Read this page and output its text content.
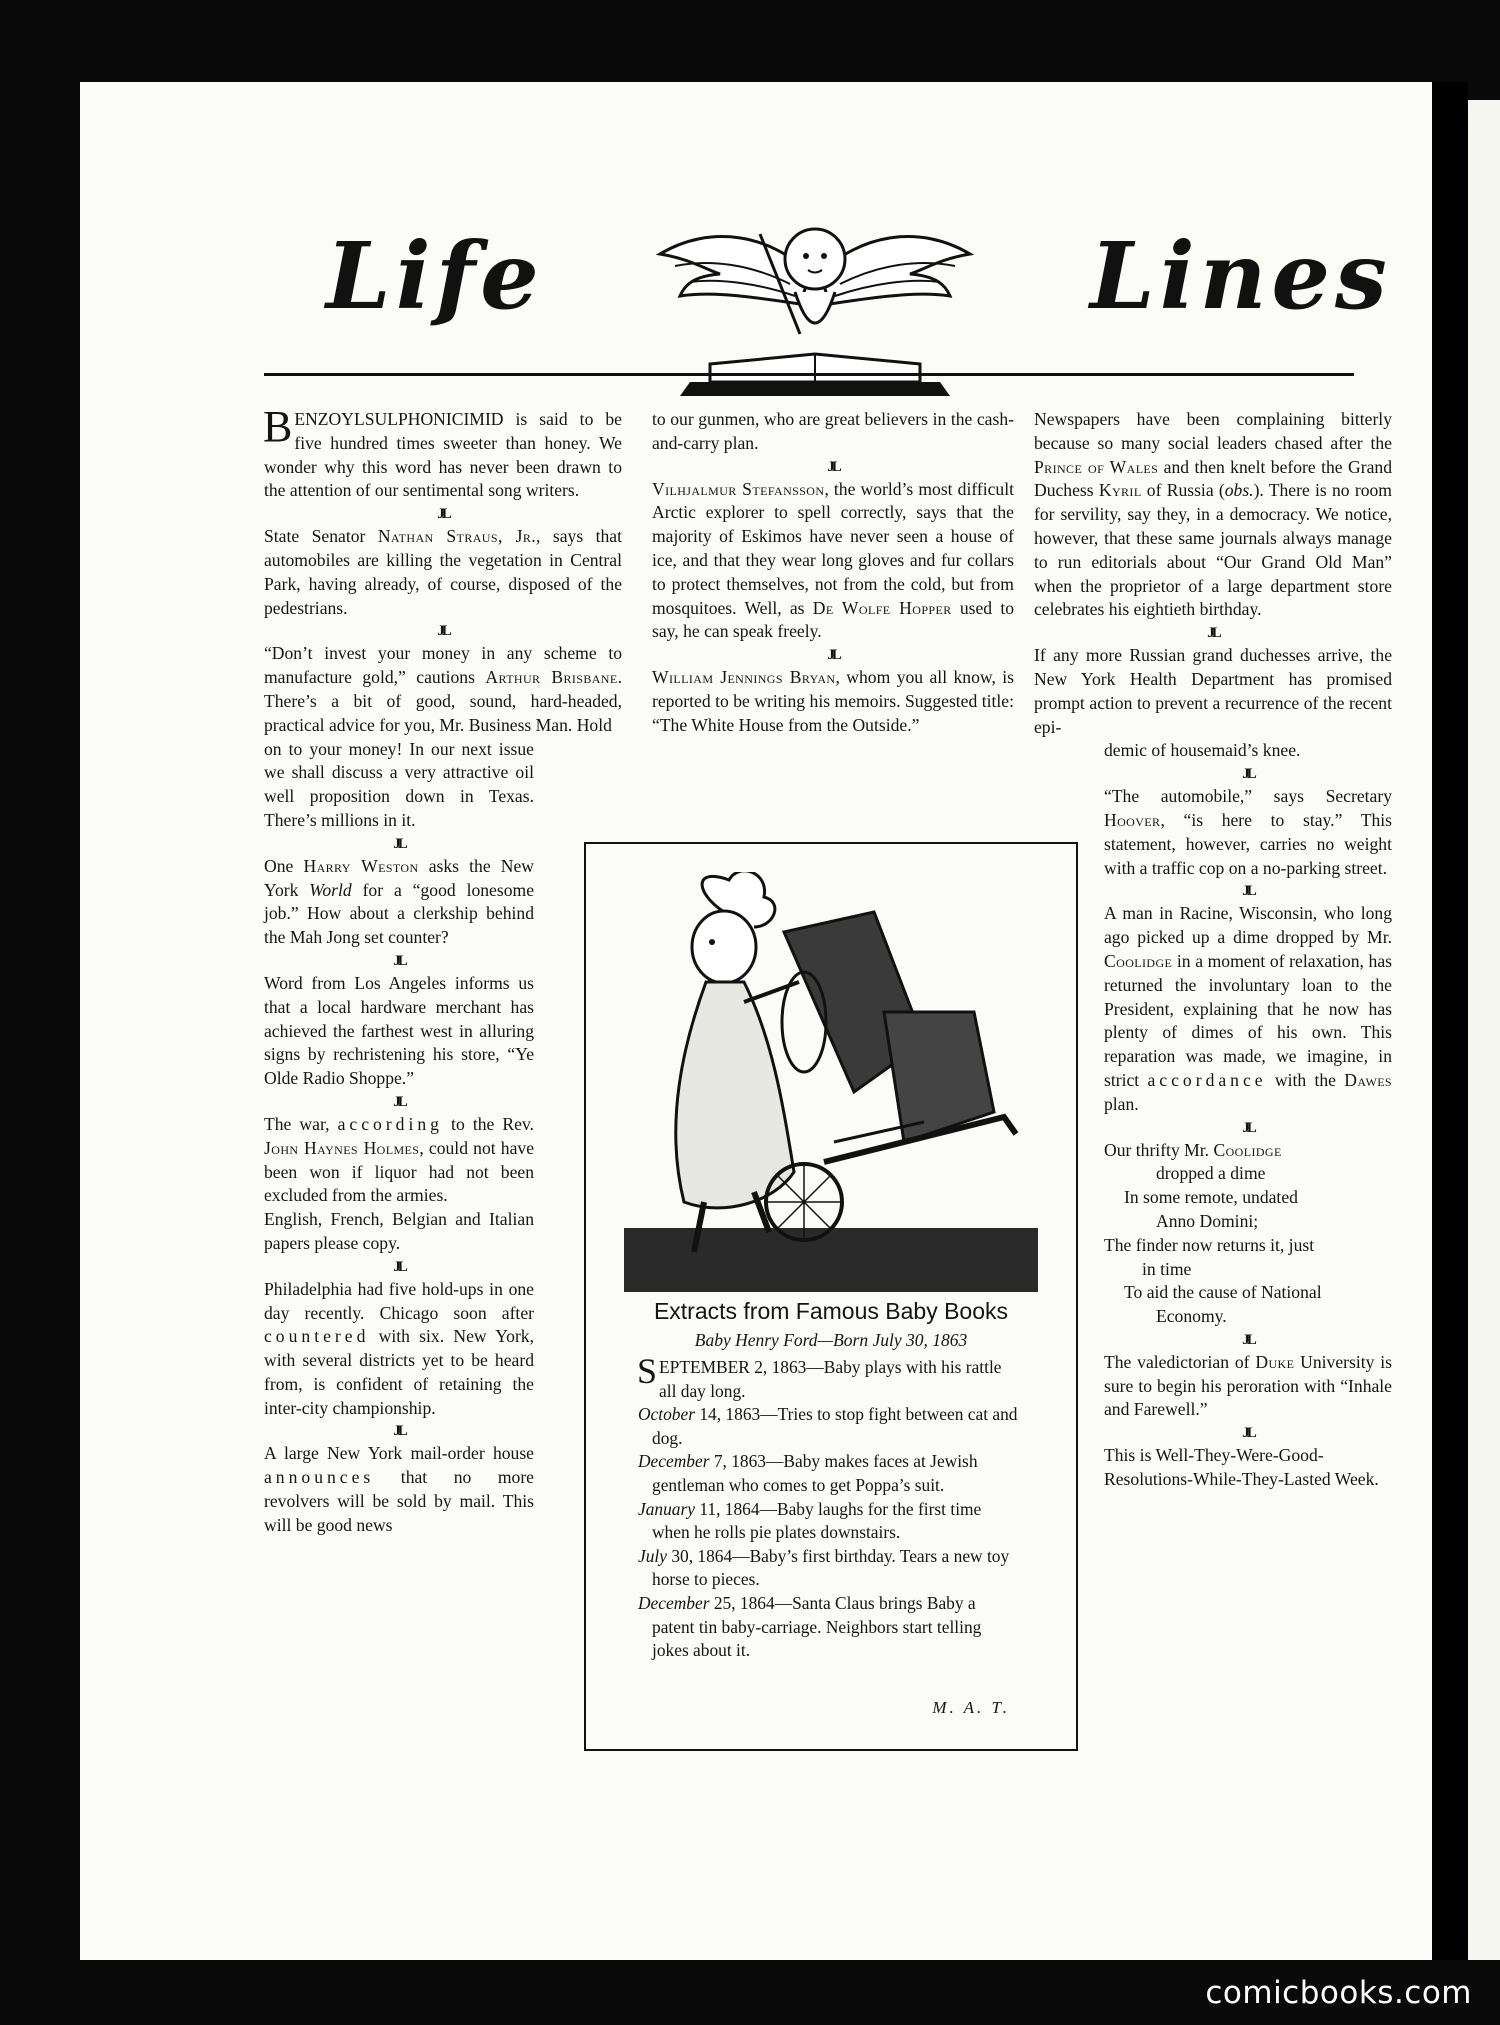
Life	Lines

BENZOYLSULPHONICIMID is said to be five hundred times sweeter than honey. We wonder why this word has never been drawn to the attention of our sentimental song writers.

JL

State Senator Nathan Straus, Jr., says that automobiles are killing the vegetation in Central Park, having already, of course, disposed of the pedestrians.

JL

“Don’t invest your money in any scheme to manufacture gold,” cautions Arthur Brisbane. There’s a bit of good, sound, hard-headed, practical advice for you, Mr. Business Man. Hold

on to your money! In our next issue we shall discuss a very attractive oil well proposition down in Texas. There’s millions in it.

JL

One Harry Weston asks the New York World for a “good lonesome job.” How about a clerkship behind the Mah Jong set counter?

JL

Word from Los Angeles informs us that a local hardware merchant has achieved the farthest west in alluring signs by rechristening his store, “Ye Olde Radio Shoppe.”

JL

The war, according to the Rev. John Haynes Holmes, could not have been won if liquor had not been excluded from the armies.

English, French, Belgian and Italian papers please copy.

JL

Philadelphia had five hold-ups in one day recently. Chicago soon after countered with six. New York, with several districts yet to be heard from, is confident of retaining the inter-city championship.

JL

A large New York mail-order house announces that no more revolvers will be sold by mail. This will be good news

to our gunmen, who are great believers in the cash-and-carry plan.

JL

Vilhjalmur Stefansson, the world’s most difficult Arctic explorer to spell correctly, says that the majority of Eskimos have never seen a house of ice, and that they wear long gloves and fur collars to protect themselves, not from the cold, but from mosquitoes. Well, as De Wolfe Hopper used to say, he can speak freely.

JL

William Jennings Bryan, whom you all know, is reported to be writing his memoirs. Suggested title: “The White House from the Outside.”

Newspapers have been complaining bitterly because so many social leaders chased after the Prince of Wales and then knelt before the Grand Duchess Kyril of Russia (obs.). There is no room for servility, say they, in a democracy. We notice, however, that these same journals always manage to run editorials about “Our Grand Old Man” when the proprietor of a large department store celebrates his eightieth birthday.

JL

If any more Russian grand duchesses arrive, the New York Health Department has promised prompt action to prevent a recurrence of the recent epi-

demic of housemaid’s knee.

JL

“The automobile,” says Secretary Hoover, “is here to stay.” This statement, however, carries no weight with a traffic cop on a no-parking street.

JL

A man in Racine, Wisconsin, who long ago picked up a dime dropped by Mr. Coolidge in a moment of relaxation, has returned the involuntary loan to the President, explaining that he now has plenty of dimes of his own. This reparation was made, we imagine, in strict accordance with the Dawes plan.

JL

Our thrifty Mr. Coolidge

dropped a dime

In some remote, undated

Anno Domini;

The finder now returns it, just

in time

To aid the cause of National

Economy.

JL

The valedictorian of Duke University is sure to begin his peroration with “Inhale and Farewell.”

JL

This is Well-They-Were-Good-Resolutions-While-They-Lasted Week.

Extracts from Famous Baby Books
Baby Henry Ford—Born July 30, 1863

SEPTEMBER 2, 1863—Baby plays with his rattle all day long.

October 14, 1863—Tries to stop fight between cat and dog.

December 7, 1863—Baby makes faces at Jewish gentleman who comes to get Poppa’s suit.

January 11, 1864—Baby laughs for the first time when he rolls pie plates downstairs.

July 30, 1864—Baby’s first birthday. Tears a new toy horse to pieces.

December 25, 1864—Santa Claus brings Baby a patent tin baby-carriage. Neighbors start telling jokes about it.

M. A. T.
comicbooks.com
